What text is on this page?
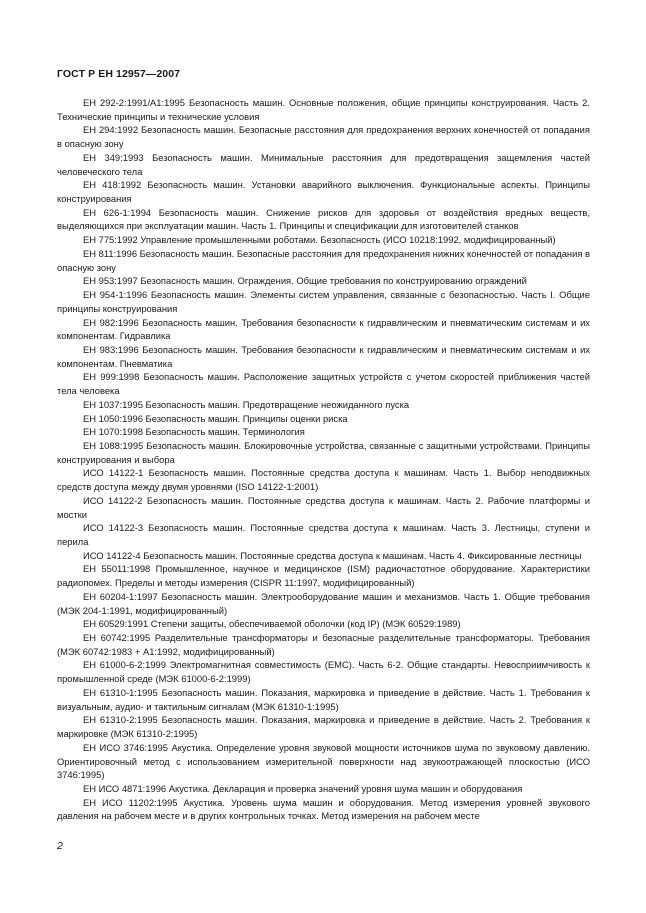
ГОСТ Р ЕН 12957—2007

ЕН 292-2:1991/А1:1995 Безопасность машин. Основные положения, общие принципы конструирования. Часть 2. Технические принципы и технические условия

ЕН 294:1992 Безопасность машин. Безопасные расстояния для предохранения верхних конечностей от попадания в опасную зону

ЕН 349:1993 Безопасность машин. Минимальные расстояния для предотвращения защемления частей человеческого тела

ЕН 418:1992 Безопасность машин. Установки аварийного выключения. Функциональные аспекты. Принципы конструирования

ЕН 626-1:1994 Безопасность машин. Снижение рисков для здоровья от воздействия вредных веществ, выделяющихся при эксплуатации машин. Часть 1. Принципы и спецификации для изготовителей станков

ЕН 775:1992 Управление промышленными роботами. Безопасность (ИСО 10218:1992, модифицированный)

ЕН 811:1996 Безопасность машин. Безопасные расстояния для предохранения нижних конечностей от попадания в опасную зону

ЕН 953:1997 Безопасность машин. Ограждения. Общие требования по конструированию ограждений

ЕН 954-1:1996 Безопасность машин. Элементы систем управления, связанные с безопасностью. Часть I. Общие принципы конструирования

ЕН 982:1996 Безопасность машин. Требования безопасности к гидравлическим и пневматическим системам и их компонентам. Гидравлика

ЕН 983:1996 Безопасность машин. Требования безопасности к гидравлическим и пневматическим системам и их компонентам. Пневматика

ЕН 999:1998 Безопасность машин. Расположение защитных устройств с учетом скоростей приближения частей тела человека

ЕН 1037:1995 Безопасность машин. Предотвращение неожиданного пуска

ЕН 1050:1996 Безопасность машин. Принципы оценки риска

ЕН 1070:1998 Безопасность машин. Терминология

ЕН 1088:1995 Безопасность машин. Блокировочные устройства, связанные с защитными устройствами. Принципы конструирования и выбора

ИСО 14122-1 Безопасность машин. Постоянные средства доступа к машинам. Часть 1. Выбор неподвижных средств доступа между двумя уровнями (ISO 14122-1:2001)

ИСО 14122-2 Безопасность машин. Постоянные средства доступа к машинам. Часть 2. Рабочие платформы и мостки

ИСО 14122-3 Безопасность машин. Постоянные средства доступа к машинам. Часть 3. Лестницы, ступени и перила

ИСО 14122-4 Безопасность машин. Постоянные средства доступа к машинам. Часть 4. Фиксированные лестницы

ЕН 55011:1998 Промышленное, научное и медицинское (ISM) радиочастотное оборудование. Характеристики радиопомех. Пределы и методы измерения (CISPR 11:1997, модифицированный)

ЕН 60204-1:1997 Безопасность машин. Электрооборудование машин и механизмов. Часть 1. Общие требования (МЭК 204-1:1991, модифицированный)

ЕН 60529:1991 Степени защиты, обеспечиваемой оболочки (код IP) (МЭК 60529:1989)

ЕН 60742:1995 Разделительные трансформаторы и безопасные разделительные трансформаторы. Требования (МЭК 60742:1983 + А1:1992, модифицированный)

ЕН 61000-6-2:1999 Электромагнитная совместимость (ЕМС). Часть 6-2. Общие стандарты. Невосприимчивость к промышленной среде (МЭК 61000-6-2:1999)

ЕН 61310-1:1995 Безопасность машин. Показания, маркировка и приведение в действие. Часть 1. Требования к визуальным, аудио- и тактильным сигналам (МЭК 61310-1:1995)

ЕН 61310-2:1995 Безопасность машин. Показания, маркировка и приведение в действие. Часть 2. Требования к маркировке (МЭК 61310-2:1995)

ЕН ИСО 3746:1995 Акустика. Определение уровня звуковой мощности источников шума по звуковому давлению. Ориентировочный метод с использованием измерительной поверхности над звукоотражающей плоскостью (ИСО 3746:1995)

ЕН ИСО 4871:1996 Акустика. Декларация и проверка значений уровня шума машин и оборудования

ЕН ИСО 11202:1995 Акустика. Уровень шума машин и оборудования. Метод измерения уровней звукового давления на рабочем месте и в других контрольных точках. Метод измерения на рабочем месте

2
